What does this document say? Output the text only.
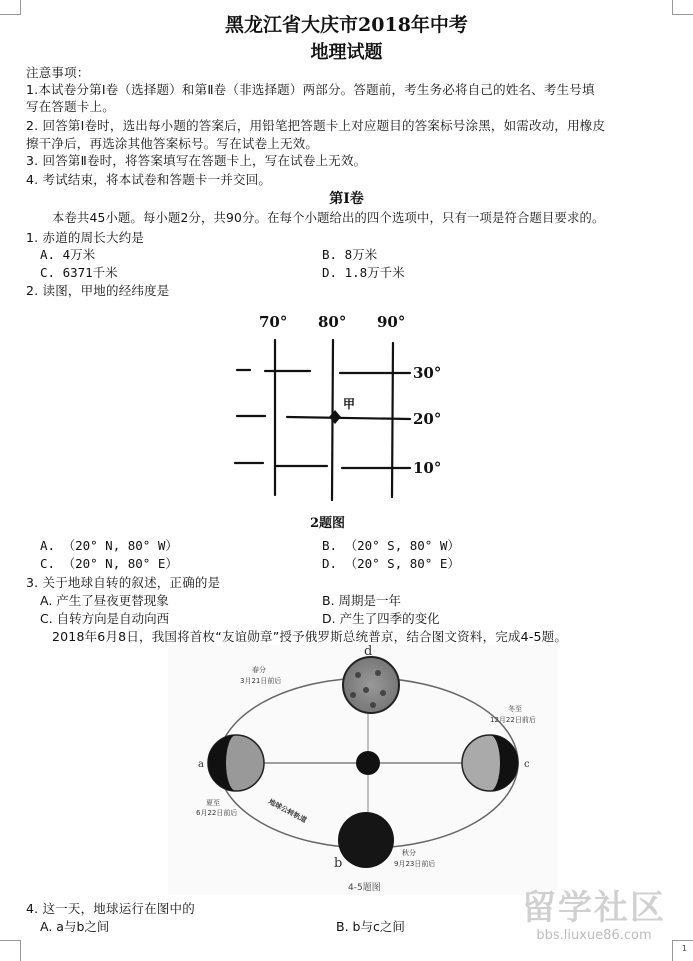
黑龙江省大庆市2018年中考
地理试题
注意事项：
1.本试卷分第Ⅰ卷（选择题）和第Ⅱ卷（非选择题）两部分。答题前，考生务必将自己的姓名、考生号填
写在答题卡上。
2. 回答第Ⅰ卷时，选出每小题的答案后，用铅笔把答题卡上对应题目的答案标号涂黑，如需改动，用橡皮
擦干净后，再选涂其他答案标号。写在试卷上无效。
3. 回答第Ⅱ卷时，将答案填写在答题卡上，写在试卷上无效。
4. 考试结束，将本试卷和答题卡一并交回。
第Ⅰ卷
本卷共45小题。每小题2分，共90分。在每个小题给出的四个选项中，只有一项是符合题目要求的。
1. 赤道的周长大约是
A. 4万米	B. 8万米
C. 6371千米	D. 1.8万千米
2. 读图，甲地的经纬度是
70° 80° 90°
30°
20°
10°
甲
2题图
A. （20° N, 80° W）	B. （20° S, 80° W）
C. （20° N, 80° E）	D. （20° S, 80° E）
3. 关于地球自转的叙述，正确的是
A. 产生了昼夜更替现象	B. 周期是一年
C. 自转方向是自动向西	D. 产生了四季的变化
2018年6月8日，我国将首枚“友谊勋章”授予俄罗斯总统普京，结合图文资料，完成4-5题。
春分
3月21日前后
冬至
12月22日前后
夏至
6月22日前后
秋分
9月23日前后
地球公转轨道
d
a	c
b
4-5题图
4. 这一天，地球运行在图中的
A. a与b之间	B. b与c之间	留学社区
bbs.liuxue86.com
1
